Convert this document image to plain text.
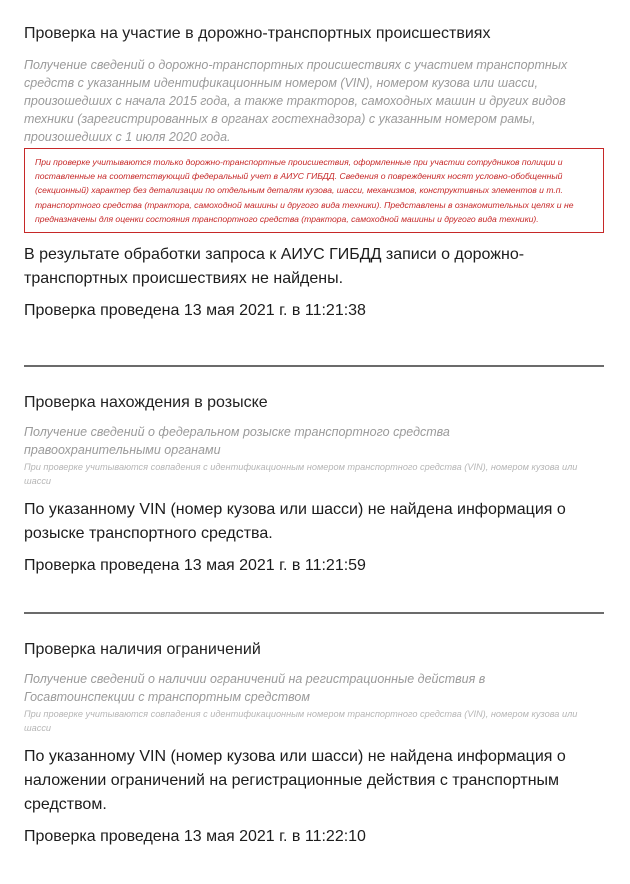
Проверка на участие в дорожно-транспортных происшествиях
Получение сведений о дорожно-транспортных происшествиях с участием транспортных средств с указанным идентификационным номером (VIN), номером кузова или шасси, произошедших с начала 2015 года, а также тракторов, самоходных машин и других видов техники (зарегистрированных в органах гостехнадзора) с указанным номером рамы, произошедших с 1 июля 2020 года.
При проверке учитываются только дорожно-транспортные происшествия, оформленные при участии сотрудников полиции и поставленные на соответствующий федеральный учет в АИУС ГИБДД. Сведения о повреждениях носят условно-обобщенный (секционный) характер без детализации по отдельным деталям кузова, шасси, механизмов, конструктивных элементов и т.п. транспортного средства (трактора, самоходной машины и другого вида техники). Представлены в ознакомительных целях и не предназначены для оценки состояния транспортного средства (трактора, самоходной машины и другого вида техники).
В результате обработки запроса к АИУС ГИБДД записи о дорожно-транспортных происшествиях не найдены.
Проверка проведена 13 мая 2021 г. в 11:21:38
Проверка нахождения в розыске
Получение сведений о федеральном розыске транспортного средства правоохранительными органами
При проверке учитываются совпадения с идентификационным номером транспортного средства (VIN), номером кузова или шасси
По указанному VIN (номер кузова или шасси) не найдена информация о розыске транспортного средства.
Проверка проведена 13 мая 2021 г. в 11:21:59
Проверка наличия ограничений
Получение сведений о наличии ограничений на регистрационные действия в Госавтоинспекции с транспортным средством
При проверке учитываются совпадения с идентификационным номером транспортного средства (VIN), номером кузова или шасси
По указанному VIN (номер кузова или шасси) не найдена информация о наложении ограничений на регистрационные действия с транспортным средством.
Проверка проведена 13 мая 2021 г. в 11:22:10
